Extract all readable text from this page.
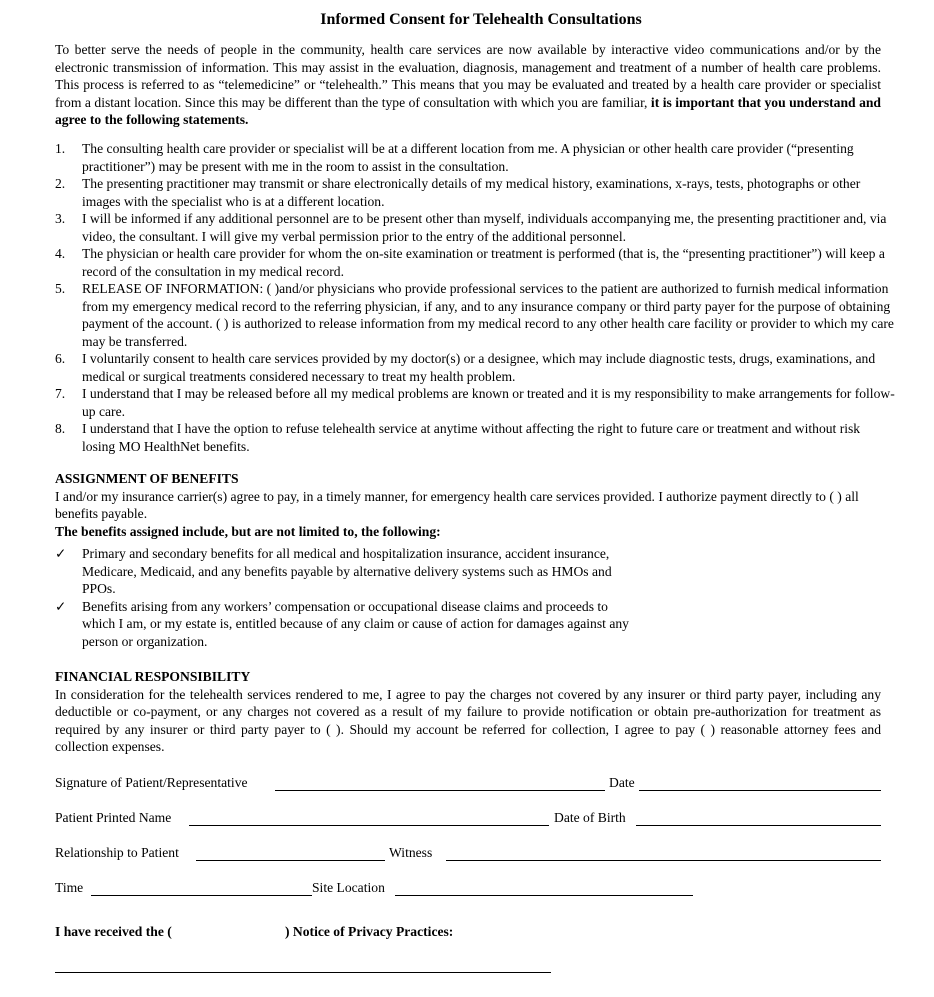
Informed Consent for Telehealth Consultations
To better serve the needs of people in the community, health care services are now available by interactive video communications and/or by the electronic transmission of information. This may assist in the evaluation, diagnosis, management and treatment of a number of health care problems. This process is referred to as “telemedicine” or “telehealth.” This means that you may be evaluated and treated by a health care provider or specialist from a distant location. Since this may be different than the type of consultation with which you are familiar, it is important that you understand and agree to the following statements.
1. The consulting health care provider or specialist will be at a different location from me. A physician or other health care provider (“presenting practitioner”) may be present with me in the room to assist in the consultation.
2. The presenting practitioner may transmit or share electronically details of my medical history, examinations, x-rays, tests, photographs or other images with the specialist who is at a different location.
3. I will be informed if any additional personnel are to be present other than myself, individuals accompanying me, the presenting practitioner and, via video, the consultant. I will give my verbal permission prior to the entry of the additional personnel.
4. The physician or health care provider for whom the on-site examination or treatment is performed (that is, the “presenting practitioner”) will keep a record of the consultation in my medical record.
5. RELEASE OF INFORMATION: ( )and/or physicians who provide professional services to the patient are authorized to furnish medical information from my emergency medical record to the referring physician, if any, and to any insurance company or third party payer for the purpose of obtaining payment of the account. ( ) is authorized to release information from my medical record to any other health care facility or provider to which my care may be transferred.
6. I voluntarily consent to health care services provided by my doctor(s) or a designee, which may include diagnostic tests, drugs, examinations, and medical or surgical treatments considered necessary to treat my health problem.
7. I understand that I may be released before all my medical problems are known or treated and it is my responsibility to make arrangements for follow-up care.
8. I understand that I have the option to refuse telehealth service at anytime without affecting the right to future care or treatment and without risk losing MO HealthNet benefits.
ASSIGNMENT OF BENEFITS
I and/or my insurance carrier(s) agree to pay, in a timely manner, for emergency health care services provided. I authorize payment directly to ( ) all benefits payable.
The benefits assigned include, but are not limited to, the following:
✓ Primary and secondary benefits for all medical and hospitalization insurance, accident insurance, Medicare, Medicaid, and any benefits payable by alternative delivery systems such as HMOs and PPOs.
✓ Benefits arising from any workers’ compensation or occupational disease claims and proceeds to which I am, or my estate is, entitled because of any claim or cause of action for damages against any person or organization.
FINANCIAL RESPONSIBILITY
In consideration for the telehealth services rendered to me, I agree to pay the charges not covered by any insurer or third party payer, including any deductible or co-payment, or any charges not covered as a result of my failure to provide notification or obtain pre-authorization for treatment as required by any insurer or third party payer to ( ). Should my account be referred for collection, I agree to pay ( ) reasonable attorney fees and collection expenses.
Signature of Patient/Representative	Date
Patient Printed Name	Date of Birth
Relationship to Patient	Witness
Time	Site Location
I have received the (	) Notice of Privacy Practices:
